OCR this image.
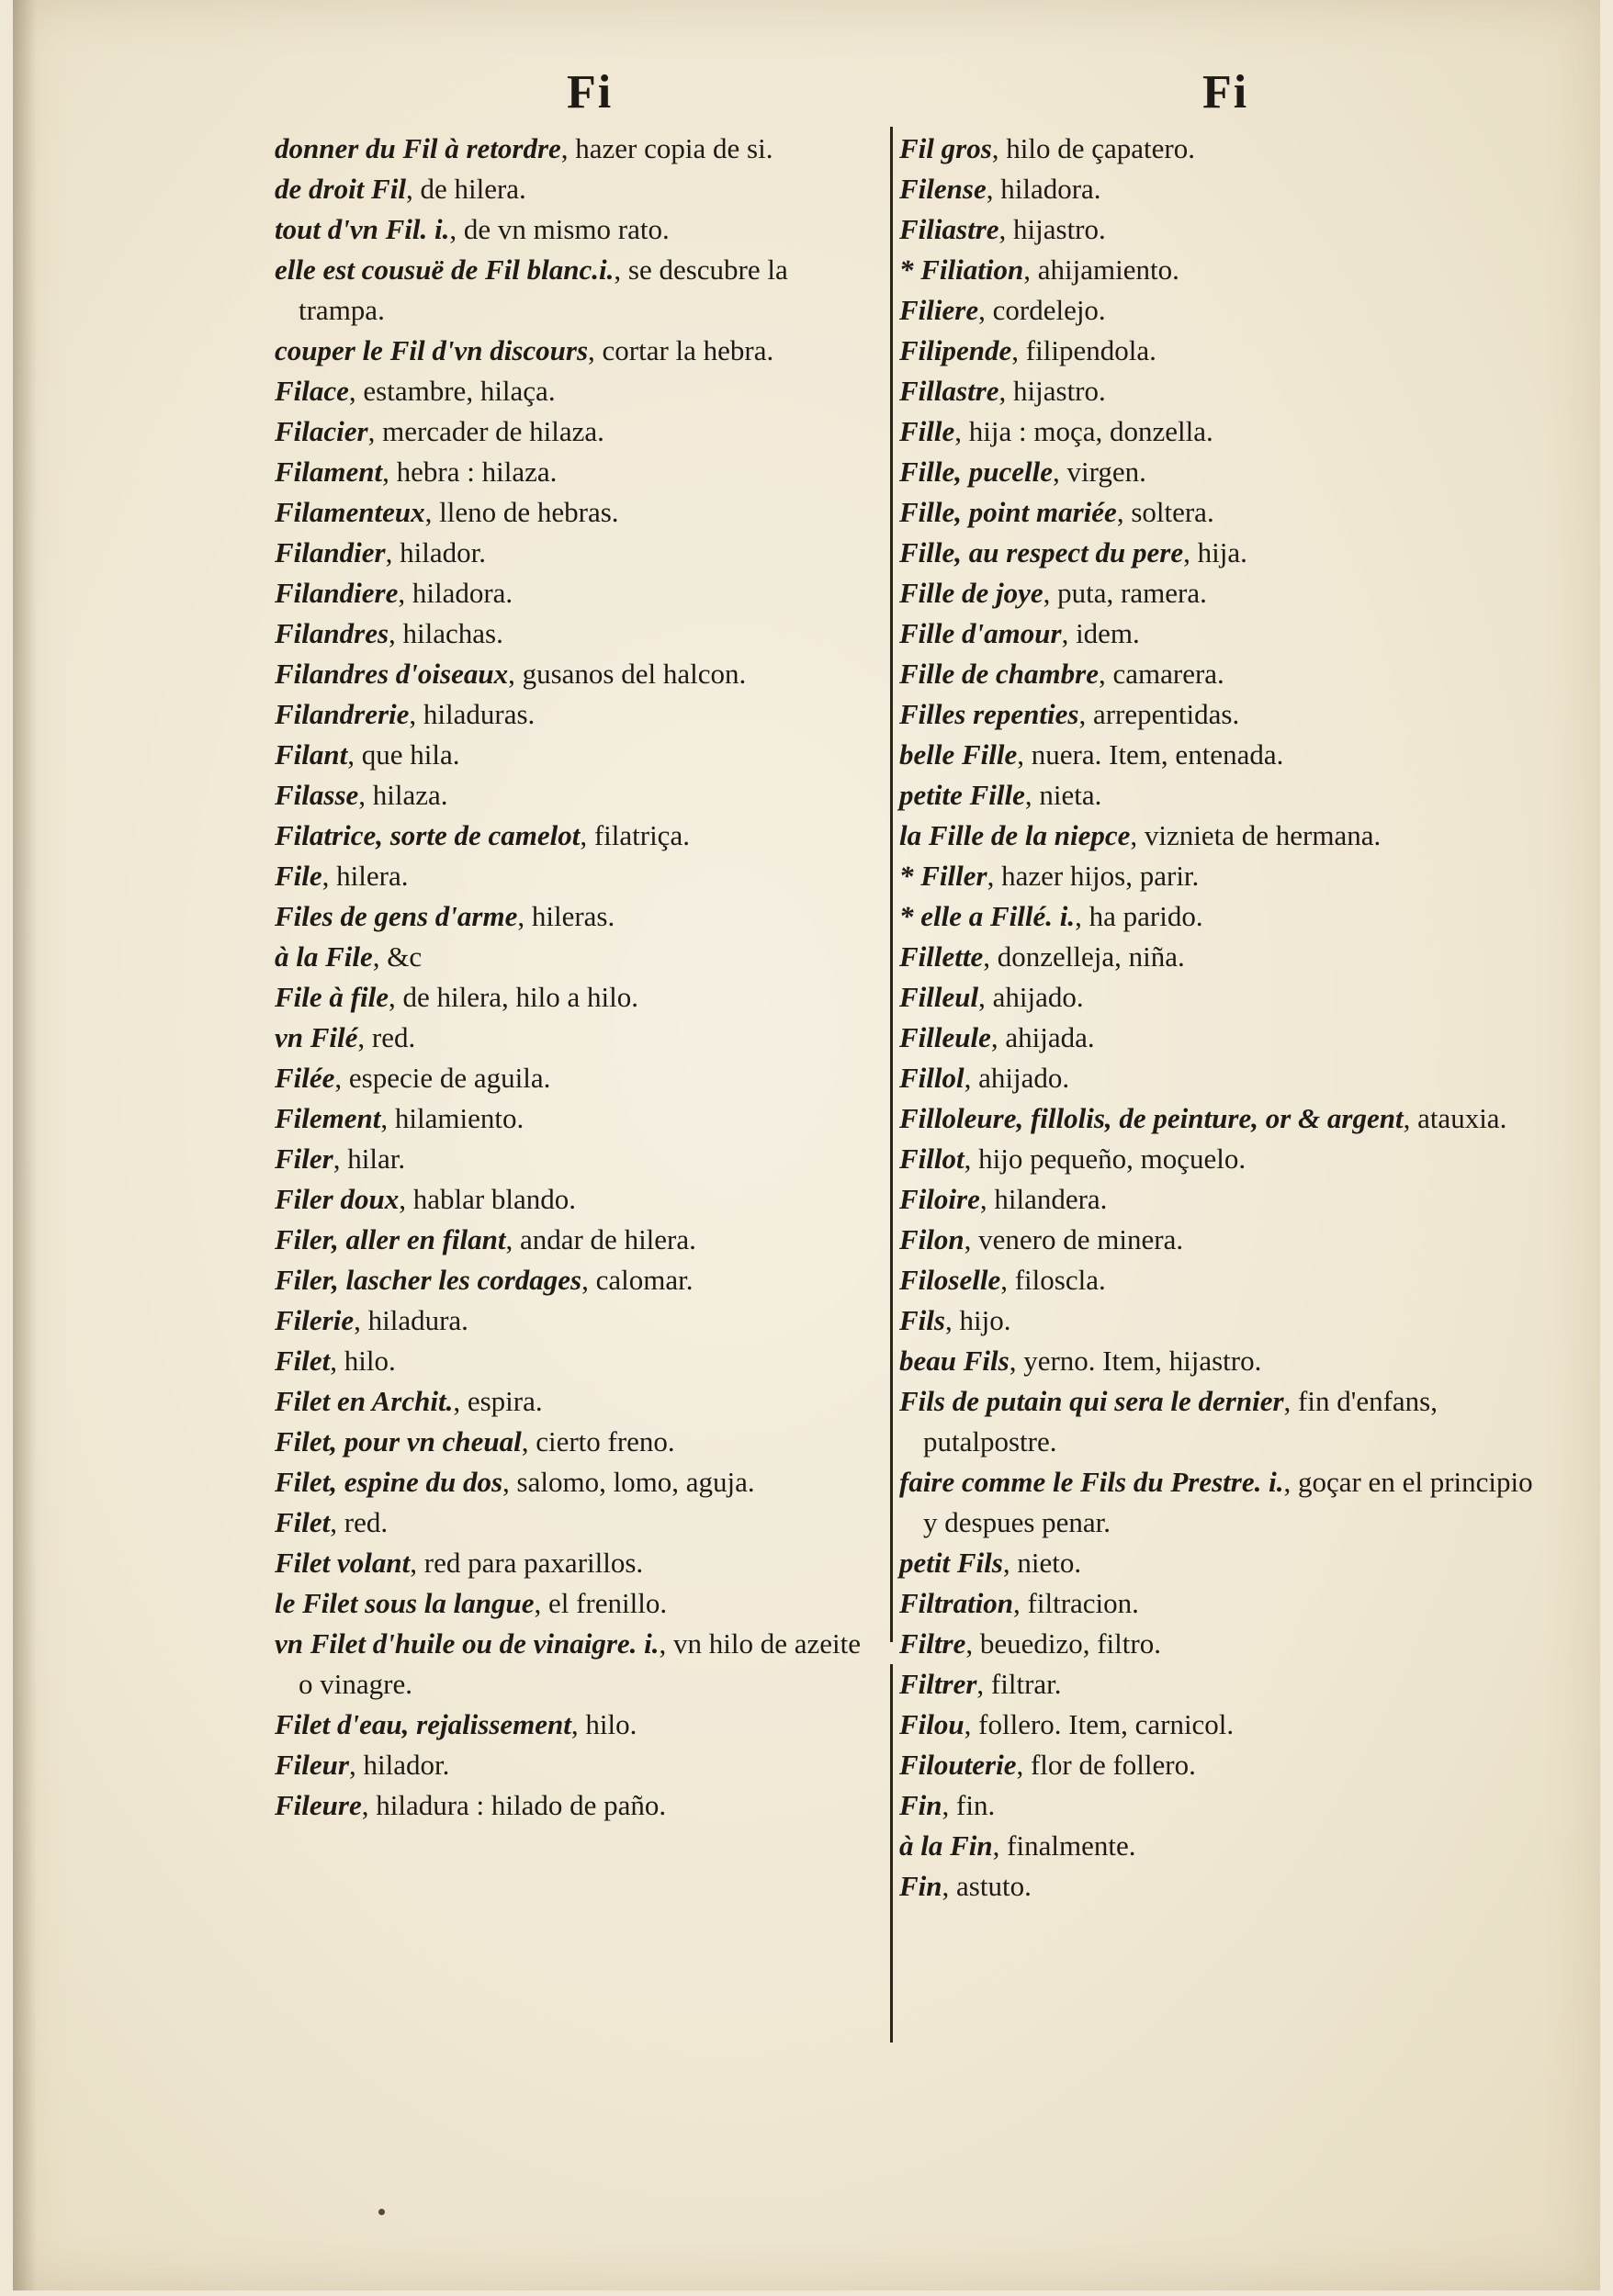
Fi
donner du Fil à retordre, hazer copia de si.
de droit Fil, de hilera.
tout d'vn Fil. i., de vn mismo rato.
elle est cousuë de Fil blanc.i., se descubre la trampa.
couper le Fil d'vn discours, cortar la hebra.
Filace, estambre, hilaça.
Filacier, mercader de hilaza.
Filament, hebra : hilaza.
Filamenteux, lleno de hebras.
Filandier, hilador.
Filandiere, hiladora.
Filandres, hilachas.
Filandres d'oiseaux, gusanos del halcon.
Filandrerie, hiladuras.
Filant, que hila.
Filasse, hilaza.
Filatrice, sorte de camelot, filatriça.
File, hilera.
Files de gens d'arme, hileras.
à la File, &c
File à file, de hilera, hilo a hilo.
vn Filé, red.
Filée, especie de aguila.
Filement, hilamiento.
Filer, hilar.
Filer doux, hablar blando.
Filer, aller en filant, andar de hilera.
Filer, lascher les cordages, calomar.
Filerie, hiladura.
Filet, hilo.
Filet en Archit., espira.
Filet, pour vn cheual, cierto freno.
Filet, espine du dos, salomo, lomo, aguja.
Filet, red.
Filet volant, red para paxarillos.
le Filet sous la langue, el frenillo.
vn Filet d'huile ou de vinaigre. i., vn hilo de azeite o vinagre.
Filet d'eau, rejalissement, hilo.
Fileur, hilador.
Fileure, hiladura : hilado de paño.
Fi
Fil gros, hilo de çapatero.
Filense, hiladora.
Filiastre, hijastro.
* Filiation, ahijamiento.
Filiere, cordelejo.
Filipende, filipendola.
Fillastre, hijastro.
Fille, hija : moça, donzella.
Fille, pucelle, virgen.
Fille, point mariée, soltera.
Fille, au respect du pere, hija.
Fille de joye, puta, ramera.
Fille d'amour, idem.
Fille de chambre, camarera.
Filles repenties, arrepentidas.
belle Fille, nuera. Item, entenada.
petite Fille, nieta.
la Fille de la niepce, viznieta de hermana.
* Filler, hazer hijos, parir.
* elle a Fillé. i., ha parido.
Fillette, donzelleja, niña.
Filleul, ahijado.
Filleule, ahijada.
Fillol, ahijado.
Filloleure, fillolis, de peinture, or & argent, atauxia.
Fillot, hijo pequeño, moçuelo.
Filoire, hilandera.
Filon, venero de minera.
Filoselle, filoscla.
Fils, hijo.
beau Fils, yerno. Item, hijastro.
Fils de putain qui sera le dernier, fin d'enfans, putalpostre.
faire comme le Fils du Prestre. i., goçar en el principio y despues penar.
petit Fils, nieto.
Filtration, filtracion.
Filtre, beuedizo, filtro.
Filtrer, filtrar.
Filou, follero. Item, carnicol.
Filouterie, flor de follero.
Fin, fin.
à la Fin, finalmente.
Fin, astuto.
